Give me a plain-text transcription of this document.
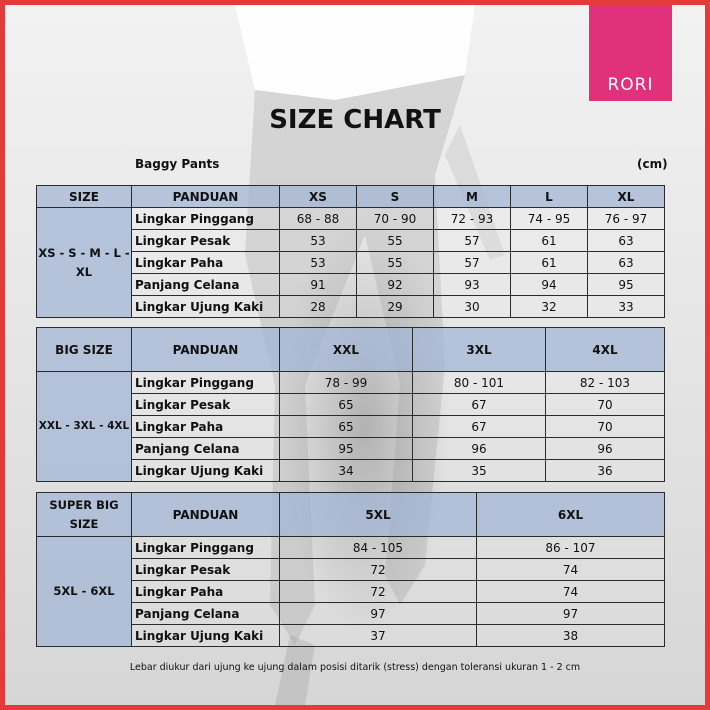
RORI
SIZE CHART
Baggy Pants	(cm)
SIZE	PANDUAN	XS	S	M	L	XL
XS - S - M - L - XL	Lingkar Pinggang	68 - 88	70 - 90	72 - 93	74 - 95	76 - 97
	Lingkar Pesak	53	55	57	61	63
	Lingkar Paha	53	55	57	61	63
	Panjang Celana	91	92	93	94	95
	Lingkar Ujung Kaki	28	29	30	32	33
BIG SIZE	PANDUAN	XXL	3XL	4XL
XXL - 3XL - 4XL	Lingkar Pinggang	78 - 99	80 - 101	82 - 103
	Lingkar Pesak	65	67	70
	Lingkar Paha	65	67	70
	Panjang Celana	95	96	96
	Lingkar Ujung Kaki	34	35	36
SUPER BIG SIZE	PANDUAN	5XL	6XL
5XL - 6XL	Lingkar Pinggang	84 - 105	86 - 107
	Lingkar Pesak	72	74
	Lingkar Paha	72	74
	Panjang Celana	97	97
	Lingkar Ujung Kaki	37	38
Lebar diukur dari ujung ke ujung dalam posisi ditarik (stress) dengan toleransi ukuran 1 - 2 cm
